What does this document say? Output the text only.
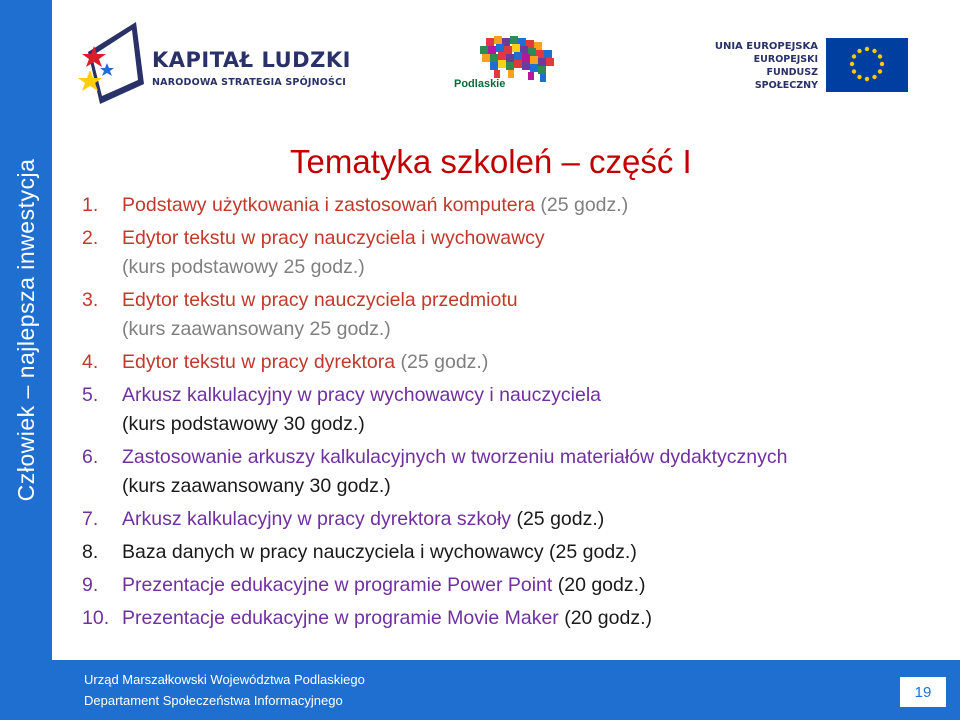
Człowiek – najlepsza inwestycja
KAPITAŁ LUDZKI
NARODOWA STRATEGIA SPÓJNOŚCI	Podlaskie
UNIA EUROPEJSKA
EUROPEJSKI
FUNDUSZ SPOŁECZNY
Tematyka szkoleń – część I
1. Podstawy użytkowania i zastosowań komputera (25 godz.)
2. Edytor tekstu w pracy nauczyciela i wychowawcy
(kurs podstawowy 25 godz.)
3. Edytor tekstu w pracy nauczyciela przedmiotu
(kurs zaawansowany 25 godz.)
4. Edytor tekstu w pracy dyrektora (25 godz.)
5. Arkusz kalkulacyjny w pracy wychowawcy i nauczyciela
(kurs podstawowy 30 godz.)
6. Zastosowanie arkuszy kalkulacyjnych w tworzeniu materiałów dydaktycznych
(kurs zaawansowany 30 godz.)
7. Arkusz kalkulacyjny w pracy dyrektora szkoły (25 godz.)
8. Baza danych w pracy nauczyciela i wychowawcy (25 godz.)
9. Prezentacje edukacyjne w programie Power Point (20 godz.)
10. Prezentacje edukacyjne w programie Movie Maker (20 godz.)
Urząd Marszałkowski Województwa Podlaskiego
Departament Społeczeństwa Informacyjnego	19
